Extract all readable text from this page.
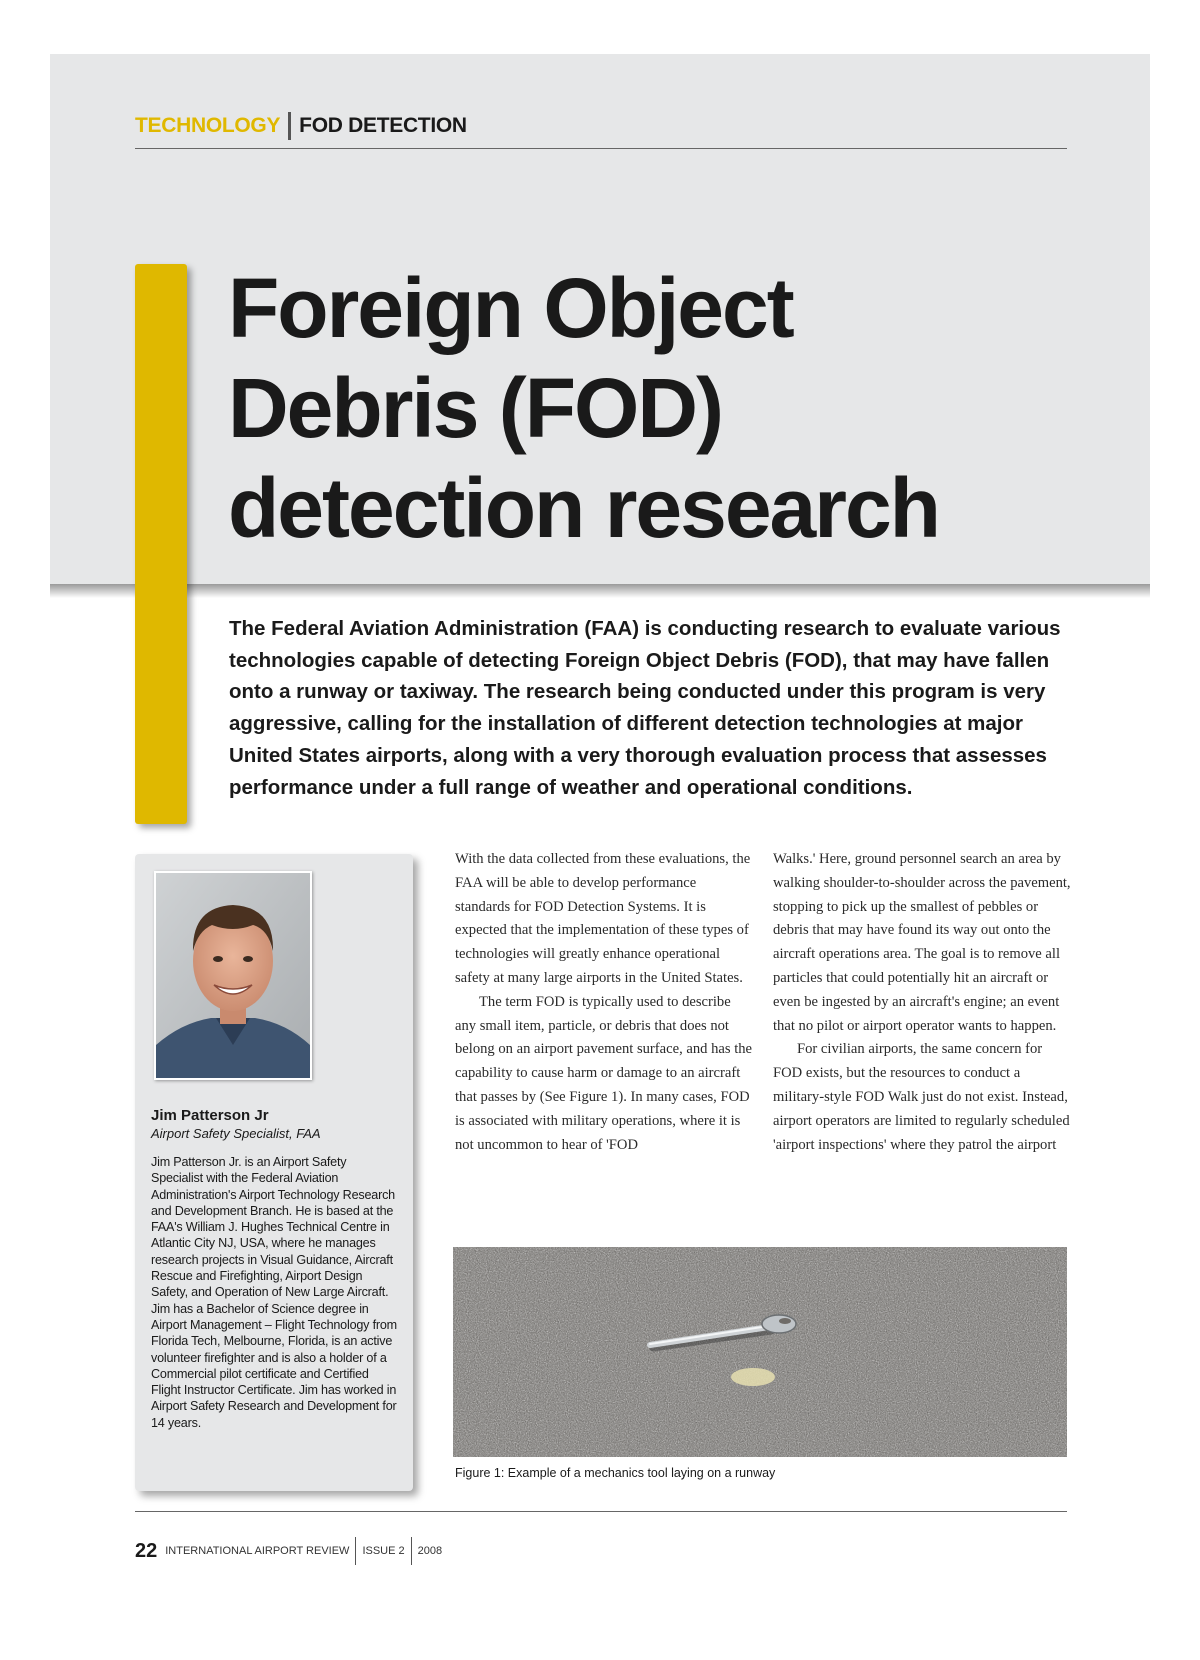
TECHNOLOGY FOD DETECTION
Foreign Object
Debris (FOD)
detection research

The Federal Aviation Administration (FAA) is conducting research to evaluate various technologies capable of detecting Foreign Object Debris (FOD), that may have fallen onto a runway or taxiway. The research being conducted under this program is very aggressive, calling for the installation of different detection technologies at major United States airports, along with a very thorough evaluation process that assesses performance under a full range of weather and operational conditions.

Jim Patterson Jr
Airport Safety Specialist, FAA

Jim Patterson Jr. is an Airport Safety Specialist with the Federal Aviation Administration's Airport Technology Research and Development Branch. He is based at the FAA's William J. Hughes Technical Centre in Atlantic City NJ, USA, where he manages research projects in Visual Guidance, Aircraft Rescue and Firefighting, Airport Design Safety, and Operation of New Large Aircraft. Jim has a Bachelor of Science degree in Airport Management – Flight Technology from Florida Tech, Melbourne, Florida, is an active volunteer firefighter and is also a holder of a Commercial pilot certificate and Certified Flight Instructor Certificate. Jim has worked in Airport Safety Research and Development for 14 years.

With the data collected from these evaluations, the FAA will be able to develop performance standards for FOD Detection Systems. It is expected that the implementation of these types of technologies will greatly enhance operational safety at many large airports in the United States.

The term FOD is typically used to describe any small item, particle, or debris that does not belong on an airport pavement surface, and has the capability to cause harm or damage to an aircraft that passes by (See Figure 1). In many cases, FOD is associated with military operations, where it is not uncommon to hear of 'FOD

Walks.' Here, ground personnel search an area by walking shoulder-to-shoulder across the pavement, stopping to pick up the smallest of pebbles or debris that may have found its way out onto the aircraft operations area. The goal is to remove all particles that could potentially hit an aircraft or even be ingested by an aircraft's engine; an event that no pilot or airport operator wants to happen.

For civilian airports, the same concern for FOD exists, but the resources to conduct a military-style FOD Walk just do not exist. Instead, airport operators are limited to regularly scheduled 'airport inspections' where they patrol the airport

Figure 1: Example of a mechanics tool laying on a runway
22 INTERNATIONAL AIRPORT REVIEW ISSUE 2 2008
